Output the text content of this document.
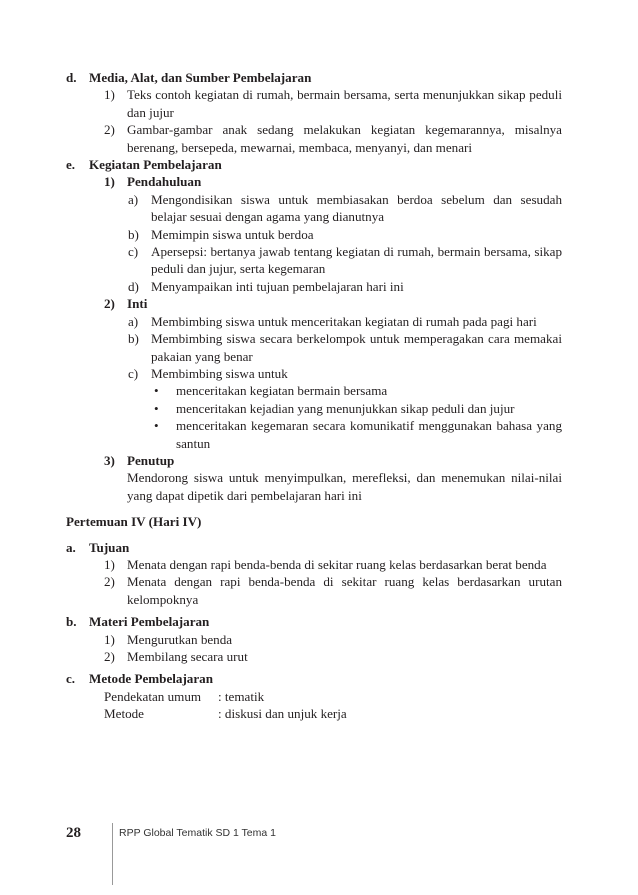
d. Media, Alat, dan Sumber Pembelajaran
1) Teks contoh kegiatan di rumah, bermain bersama, serta menunjukkan sikap peduli dan jujur
2) Gambar-gambar anak sedang melakukan kegiatan kegemarannya, misalnya berenang, bersepeda, mewarnai, membaca, menyanyi, dan menari
e. Kegiatan Pembelajaran
1) Pendahuluan
a) Mengondisikan siswa untuk membiasakan berdoa sebelum dan sesudah belajar sesuai dengan agama yang dianutnya
b) Memimpin siswa untuk berdoa
c) Apersepsi: bertanya jawab tentang kegiatan di rumah, bermain bersama, sikap peduli dan jujur, serta kegemaran
d) Menyampaikan inti tujuan pembelajaran hari ini
2) Inti
a) Membimbing siswa untuk menceritakan kegiatan di rumah pada pagi hari
b) Membimbing siswa secara berkelompok untuk memperagakan cara memakai pakaian yang benar
c) Membimbing siswa untuk
• menceritakan kegiatan bermain bersama
• menceritakan kejadian yang menunjukkan sikap peduli dan jujur
• menceritakan kegemaran secara komunikatif menggunakan bahasa yang santun
3) Penutup
Mendorong siswa untuk menyimpulkan, merefleksi, dan menemukan nilai-nilai yang dapat dipetik dari pembelajaran hari ini
Pertemuan IV (Hari IV)
a. Tujuan
1) Menata dengan rapi benda-benda di sekitar ruang kelas berdasarkan berat benda
2) Menata dengan rapi benda-benda di sekitar ruang kelas berdasarkan urutan kelompoknya
b. Materi Pembelajaran
1) Mengurutkan benda
2) Membilang secara urut
c. Metode Pembelajaran
Pendekatan umum	: tematik
Metode	: diskusi dan unjuk kerja
28	RPP Global Tematik SD 1 Tema 1
